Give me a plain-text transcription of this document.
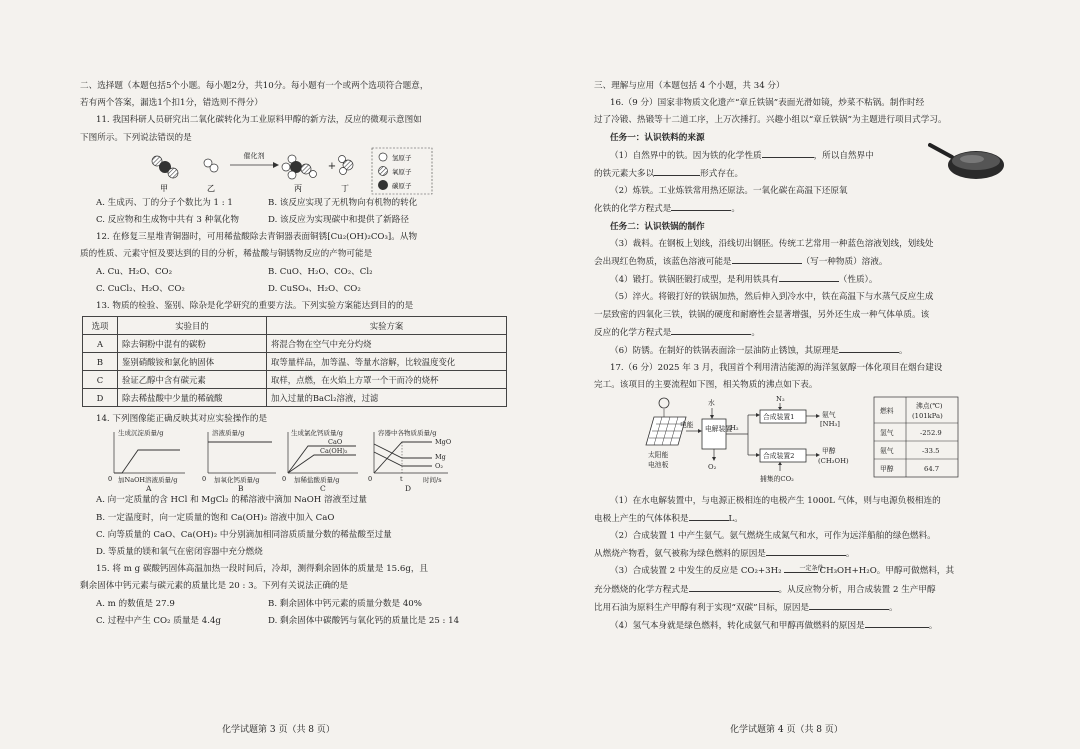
二、选择题（本题包括5个小题。每小题2分，共10分。每小题有一个或两个选项符合题意，
若有两个答案，漏选1个扣1分，错选则不得分）
11. 我国科研人员研究出二氧化碳转化为工业原料甲醇的新方法，反应的微观示意图如
下图所示。下列说法错误的是
催化剂
+
甲	乙	丙	丁
氢原子
氧原子
碳原子
A. 生成丙、丁的分子个数比为 1 : 1	B. 该反应实现了无机物向有机物的转化
C. 反应物和生成物中共有 3 种氧化物	D. 该反应为实现碳中和提供了新路径
12. 在修复三星堆青铜器时，可用稀盐酸除去青铜器表面铜锈[Cu₂(OH)₂CO₃]。从物
质的性质、元素守恒及要达到的目的分析，稀盐酸与铜锈物反应的产物可能是
A. Cu、H₂O、CO₂	B. CuO、H₂O、CO₂、Cl₂
C. CuCl₂、H₂O、CO₂	D. CuSO₄、H₂O、CO₂
13. 物质的检验、鉴别、除杂是化学研究的重要方法。下列实验方案能达到目的的是
选项	实验目的	实验方案
A	除去铜粉中混有的碳粉	将混合物在空气中充分灼烧
B	鉴别硝酸铵和氯化钠固体	取等量样品，加等温、等量水溶解，比较温度变化
C	验证乙醇中含有碳元素	取样，点燃，在火焰上方罩一个干而冷的烧杯
D	除去稀盐酸中少量的稀硫酸	加入过量的BaCl₂溶液，过滤
14. 下列图像能正确反映其对应实验操作的是
生成沉淀质量/g
0 加NaOH溶液质量/g
A
溶液质量/g
0 加氧化钙质量/g
B
生成氯化钙质量/g
CaO
Ca(OH)₂
0 加稀盐酸质量/g
C
容器中各物质质量/g
MgO
Mg
O₂
0	t	时间/s
D
A. 向一定质量的含 HCl 和 MgCl₂ 的稀溶液中滴加 NaOH 溶液至过量
B. 一定温度时，向一定质量的饱和 Ca(OH)₂ 溶液中加入 CaO
C. 向等质量的 CaO、Ca(OH)₂ 中分别滴加相同溶质质量分数的稀盐酸至过量
D. 等质量的镁和氧气在密闭容器中充分燃烧
15. 将 m g 碳酸钙固体高温加热一段时间后，冷却，测得剩余固体的质量是 15.6g，且
剩余固体中钙元素与碳元素的质量比是 20 : 3。下列有关说法正确的是
A. m 的数值是 27.9	B. 剩余固体中钙元素的质量分数是 40%
C. 过程中产生 CO₂ 质量是 4.4g	D. 剩余固体中碳酸钙与氧化钙的质量比是 25 : 14
化学试题第 3 页（共 8 页）
三、理解与应用（本题包括 4 个小题，共 34 分）
16.（9 分）国家非物质文化遗产“章丘铁锅”表面光滑如镜，炒菜不粘锅。制作时经
过了冷锻、热锻等十二道工序，上万次捶打。兴趣小组以“章丘铁锅”为主题进行项目式学习。
任务一：认识铁料的来源
（1）自然界中的铁。因为铁的化学性质	，所以自然界中
的铁元素大多以	形式存在。
（2）炼铁。工业炼铁常用热还原法。一氧化碳在高温下还原氧
化铁的化学方程式是	。
任务二：认识铁锅的制作
（3）裁料。在钢板上划线，沿线切出钢胚。传统工艺常用一种蓝色溶液划线，划线处
会出现红色物质，该蓝色溶液可能是	（写一种物质）溶液。
（4）锻打。铁锅胚锻打成型，是利用铁具有	（性质）。
（5）淬火。将锻打好的铁锅加热，然后伸入到冷水中，铁在高温下与水蒸气反应生成
一层致密的四氧化三铁，铁锅的硬度和耐磨性会显著增强，另外还生成一种气体单质。该
反应的化学方程式是	。
（6）防锈。在制好的铁锅表面涂一层油防止锈蚀，其原理是	。
17.（6 分）2025 年 3 月，我国首个利用清洁能源的海洋氢氨醇一体化项目在烟台建设
完工。该项目的主要流程如下图，相关物质的沸点如下表。
太阳能
电池板
电能
水
电解装置
O₂
H₂
N₂
合成装置1	氨气
[NH₃]
合成装置2
捕集的CO₂
甲醇
(CH₃OH)
燃料
沸点(℃)
(101kPa)
氢气	-252.9
氨气	-33.5
甲醇	64.7
（1）在水电解装置中，与电源正极相连的电极产生 1000L 气体，则与电源负极相连的
电极上产生的气体体积是	L。
（2）合成装置 1 中产生氨气。氨气燃烧生成氮气和水，可作为远洋船舶的绿色燃料。
从燃烧产物看，氨气被称为绿色燃料的原因是	。
（3）合成装置 2 中发生的反应是 CO₂+3H₂	一定条件CH₃OH+H₂O。甲醇可做燃料，其
充分燃烧的化学方程式是	。从反应物分析，用合成装置 2 生产甲醇
比用石油为原料生产甲醇有利于实现“双碳”目标，原因是	。
（4）氢气本身就是绿色燃料，转化成氨气和甲醇再做燃料的原因是	。
化学试题第 4 页（共 8 页）
